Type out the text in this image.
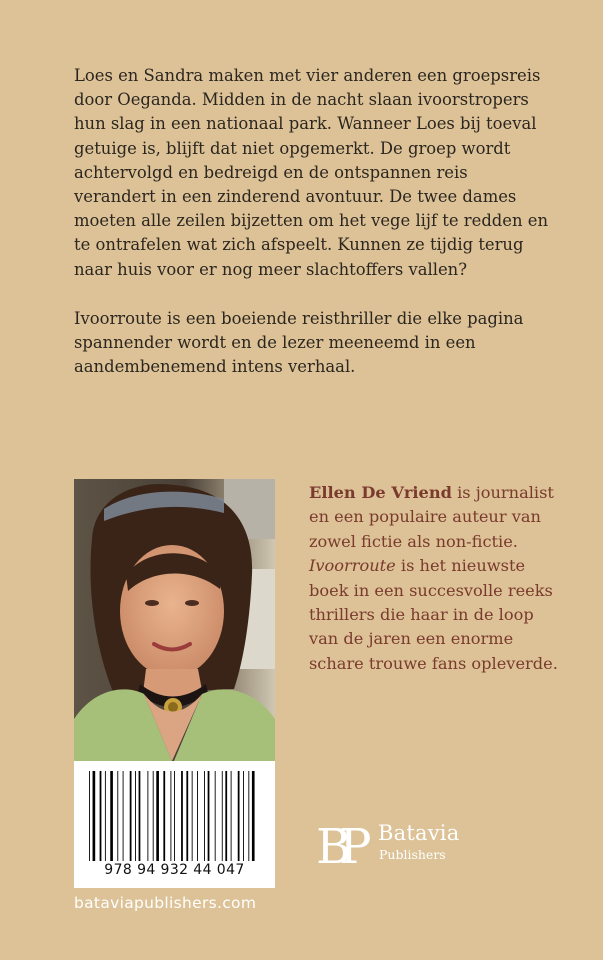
Loes en Sandra maken met vier anderen een groepsreis door Oeganda. Midden in de nacht slaan ivoorstropers hun slag in een nationaal park. Wanneer Loes bij toeval getuige is, blijft dat niet opgemerkt. De groep wordt achtervolgd en bedreigd en de ontspannen reis verandert in een zinderend avontuur. De twee dames moeten alle zeilen bijzetten om het vege lijf te redden en te ontrafelen wat zich afspeelt. Kunnen ze tijdig terug naar huis voor er nog meer slachtoffers vallen?

Ivoorroute is een boeiende reisthriller die elke pagina spannender wordt en de lezer meeneemd in een aandembenemend intens verhaal.

978 94 932 44 047
bataviapublishers.com
Ellen De Vriend is journalist en een populaire auteur van zowel fictie als non-fictie. Ivoorroute is het nieuwste boek in een succesvolle reeks thrillers die haar in de loop van de jaren een enorme schare trouwe fans opleverde.
BP Batavia
Publishers
